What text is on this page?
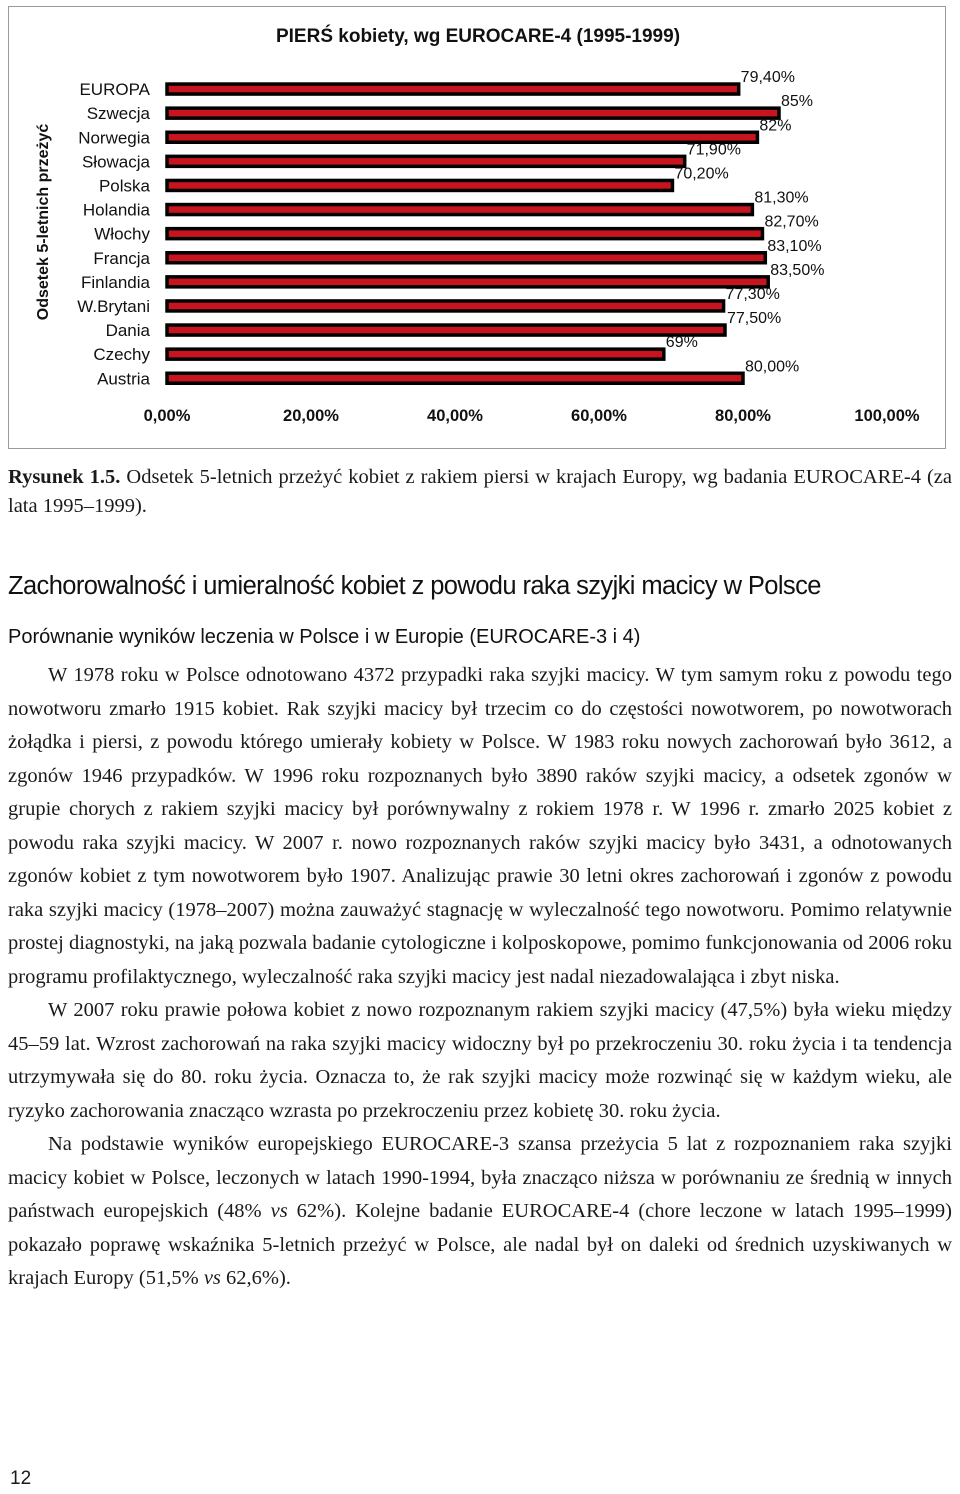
PIERŚ kobiety, wg EUROCARE-4 (1995-1999)
Odsetek 5-letnich przeżyć
EUROPA
79,40%
Szwecja
85%
Norwegia
82%
Słowacja
71,90%
Polska
70,20%
Holandia
81,30%
Włochy
82,70%
Francja
83,10%
Finlandia
83,50%
W.Brytani
77,30%
Dania
77,50%
Czechy
69%
Austria
80,00%
0,00%	20,00%	40,00%	60,00%	80,00%	100,00%

Rysunek 1.5. Odsetek 5-letnich przeżyć kobiet z rakiem piersi w krajach Europy, wg badania EUROCARE-4 (za lata 1995–1999).

Zachorowalność i umieralność kobiet z powodu raka szyjki macicy w Polsce
Porównanie wyników leczenia w Polsce i w Europie (EUROCARE-3 i 4)

W 1978 roku w Polsce odnotowano 4372 przypadki raka szyjki macicy. W tym samym roku z powodu tego nowotworu zmarło 1915 kobiet. Rak szyjki macicy był trzecim co do częstości nowotworem, po nowotworach żołądka i piersi, z powodu którego umierały kobiety w Polsce. W 1983 roku nowych zachorowań było 3612, a zgonów 1946 przypadków. W 1996 roku rozpoznanych było 3890 raków szyjki macicy, a odsetek zgonów w grupie chorych z rakiem szyjki macicy był porównywalny z rokiem 1978 r. W 1996 r. zmarło 2025 kobiet z powodu raka szyjki macicy. W 2007 r. nowo rozpoznanych raków szyjki macicy było 3431, a odnotowanych zgonów kobiet z tym nowotworem było 1907. Analizując prawie 30 letni okres zachorowań i zgonów z powodu raka szyjki macicy (1978–2007) można zauważyć stagnację w wyleczalność tego nowotworu. Pomimo relatywnie prostej diagnostyki, na jaką pozwala badanie cytologiczne i kolposkopowe, pomimo funkcjonowania od 2006 roku programu profilaktycznego, wyleczalność raka szyjki macicy jest nadal niezadowalająca i zbyt niska.

W 2007 roku prawie połowa kobiet z nowo rozpoznanym rakiem szyjki macicy (47,5%) była wieku między 45–59 lat. Wzrost zachorowań na raka szyjki macicy widoczny był po przekroczeniu 30. roku życia i ta tendencja utrzymywała się do 80. roku życia. Oznacza to, że rak szyjki macicy może rozwinąć się w każdym wieku, ale ryzyko zachorowania znacząco wzrasta po przekroczeniu przez kobietę 30. roku życia.

Na podstawie wyników europejskiego EUROCARE-3 szansa przeżycia 5 lat z rozpoznaniem raka szyjki macicy kobiet w Polsce, leczonych w latach 1990-1994, była znacząco niższa w porównaniu ze średnią w innych państwach europejskich (48% vs 62%). Kolejne badanie EUROCARE-4 (chore leczone w latach 1995–1999) pokazało poprawę wskaźnika 5-letnich przeżyć w Polsce, ale nadal był on daleki od średnich uzyskiwanych w krajach Europy (51,5% vs 62,6%).

12
